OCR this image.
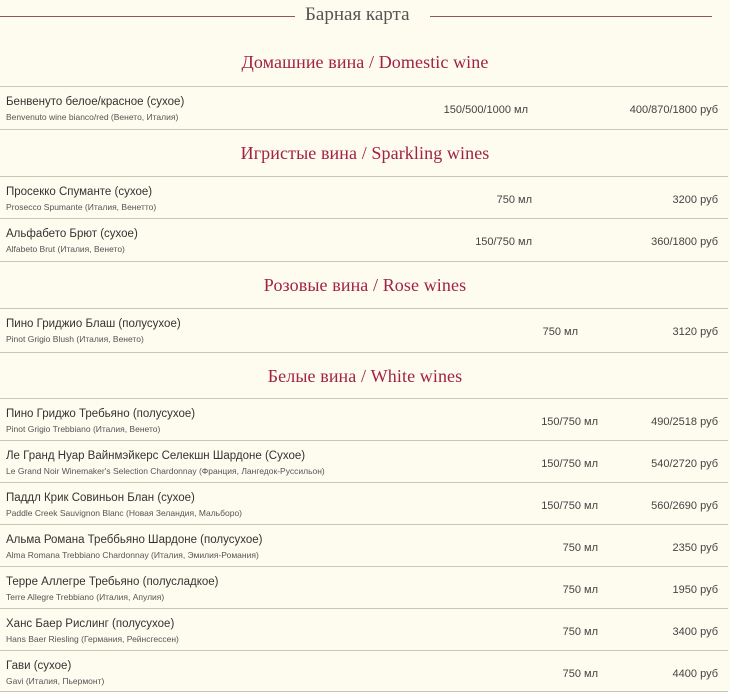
Барная карта
Домашние вина / Domestic wine
Бенвенуто белое/красное (сухое)
Benvenuto wine bianco/red (Венето, Италия)
150/500/1000 мл	400/870/1800 руб
Игристые вина / Sparkling wines
Просекко Спуманте (сухое)
Prosecco Spumante (Италия, Венетто)
750 мл	3200 руб
Альфабето Брют (сухое)
Alfabeto Brut (Италия, Венето)
150/750 мл	360/1800 руб
Розовые вина / Rose wines
Пино Гриджио Блаш (полусухое)
Pinot Grigio Blush (Италия, Венето)
750 мл	3120 руб
Белые вина / White wines
Пино Гриджо Требьяно (полусухое)
Pinot Grigio Trebbiano (Италия, Венето)
150/750 мл	490/2518 руб
Ле Гранд Нуар Вайнмэйкерс Селекшн Шардоне (Сухое)
Le Grand Noir Winemaker's Selection Chardonnay (Франция, Лангедок-Руссильон)
150/750 мл	540/2720 руб
Паддл Крик Совиньон Блан (сухое)
Paddle Creek Sauvignon Blanc (Новая Зеландия, Мальборо)
150/750 мл	560/2690 руб
Альма Романа Треббьяно Шардоне (полусухое)
Alma Romana Trebbiano Chardonnay (Италия, Эмилия-Романия)
750 мл	2350 руб
Терре Аллегре Требьяно (полусладкое)
Terre Allegre Trebbiano (Италия, Апулия)
750 мл	1950 руб
Ханс Баер Рислинг (полусухое)
Hans Baer Riesling (Германия, Рейнсгессен)
750 мл	3400 руб
Гави (сухое)
Gavi (Италия, Пьермонт)
750 мл	4400 руб
